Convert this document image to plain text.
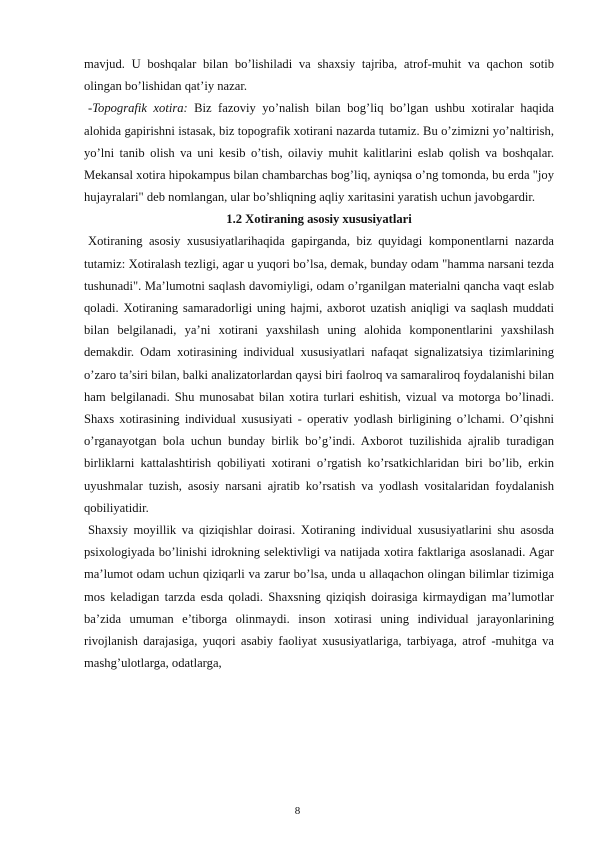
mavjud. U boshqalar bilan bo’lishiladi va shaxsiy tajriba, atrof-muhit va qachon sotib olingan bo’lishidan qat’iy nazar.

-Topografik xotira: Biz fazoviy yo’nalish bilan bog’liq bo’lgan ushbu xotiralar haqida alohida gapirishni istasak, biz topografik xotirani nazarda tutamiz. Bu o’zimizni yo’naltirish, yo’lni tanib olish va uni kesib o’tish, oilaviy muhit kalitlarini eslab qolish va boshqalar. Mekansal xotira hipokampus bilan chambarchas bog’liq, ayniqsa o’ng tomonda, bu erda "joy hujayralari" deb nomlangan, ular bo’shliqning aqliy xaritasini yaratish uchun javobgardir.

1.2 Xotiraning asosiy xususiyatlari

Xotiraning asosiy xususiyatlarihaqida gapirganda, biz quyidagi komponentlarni nazarda tutamiz: Xotiralash tezligi, agar u yuqori bo’lsa, demak, bunday odam "hamma narsani tezda tushunadi". Ma’lumotni saqlash davomiyligi, odam o’rganilgan materialni qancha vaqt eslab qoladi. Xotiraning samaradorligi uning hajmi, axborot uzatish aniqligi va saqlash muddati bilan belgilanadi, ya’ni xotirani yaxshilash uning alohida komponentlarini yaxshilash demakdir. Odam xotirasining individual xususiyatlari nafaqat signalizatsiya tizimlarining o’zaro ta’siri bilan, balki analizatorlardan qaysi biri faolroq va samaraliroq foydalanishi bilan ham belgilanadi. Shu munosabat bilan xotira turlari eshitish, vizual va motorga bo’linadi. Shaxs xotirasining individual xususiyati - operativ yodlash birligining o’lchami. O’qishni o’rganayotgan bola uchun bunday birlik bo’g’indi. Axborot tuzilishida ajralib turadigan birliklarni kattalashtirish qobiliyati xotirani o’rgatish ko’rsatkichlaridan biri bo’lib, erkin uyushmalar tuzish, asosiy narsani ajratib ko’rsatish va yodlash vositalaridan foydalanish qobiliyatidir.

Shaxsiy moyillik va qiziqishlar doirasi. Xotiraning individual xususiyatlarini shu asosda psixologiyada bo’linishi idrokning selektivligi va natijada xotira faktlariga asoslanadi. Agar ma’lumot odam uchun qiziqarli va zarur bo’lsa, unda u allaqachon olingan bilimlar tizimiga mos keladigan tarzda esda qoladi. Shaxsning qiziqish doirasiga kirmaydigan ma’lumotlar ba’zida umuman e’tiborga olinmaydi. inson xotirasi uning individual jarayonlarining rivojlanish darajasiga, yuqori asabiy faoliyat xususiyatlariga, tarbiyaga, atrof -muhitga va mashg’ulotlarga, odatlarga,

8
